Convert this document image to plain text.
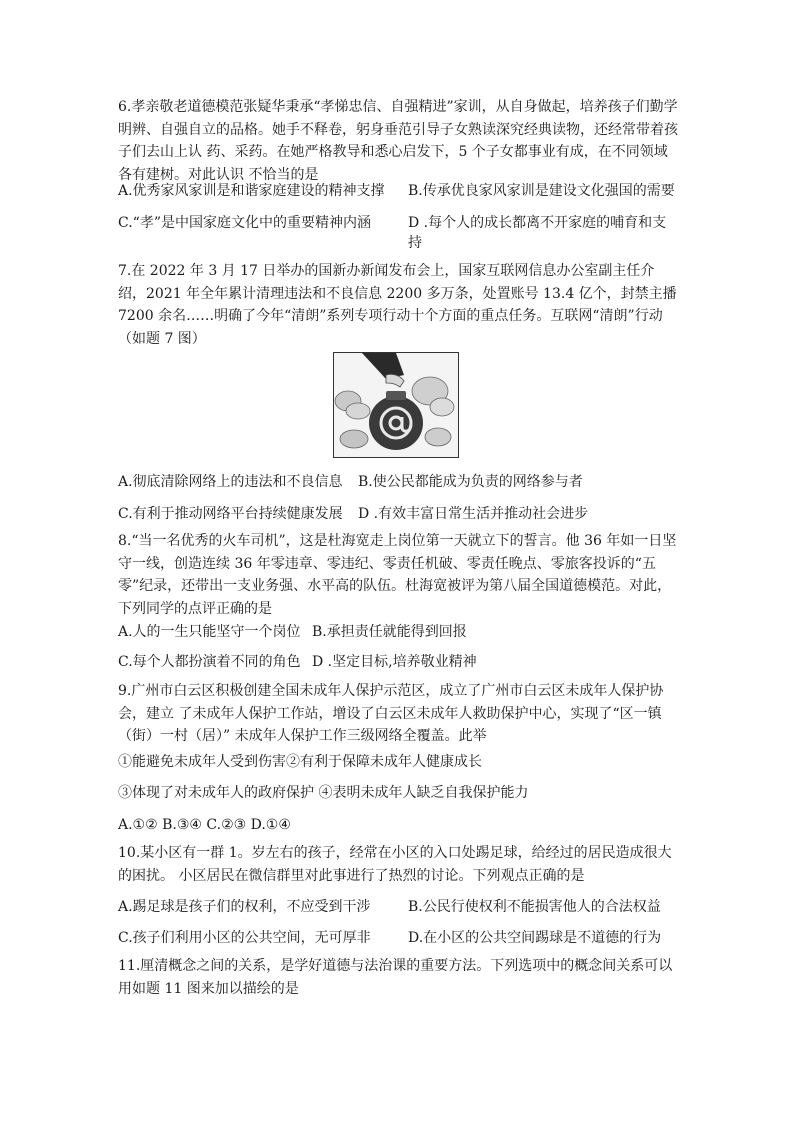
6.孝亲敬老道德模范张疑华秉承“孝悌忠信、自强精进”家训，从自身做起，培养孩子们勤学明辨、自强自立的品格。她手不释卷，躬身垂范引导子女熟读深究经典读物，还经常带着孩子们去山上认 药、采药。在她严格教导和悉心启发下，5 个子女都事业有成，在不同领域各有建树。对此认识 不恰当的是
A.优秀家风家训是和谐家庭建设的精神支撑 B.传承优良家风家训是建设文化强国的需要
C.“孝”是中国家庭文化中的重要精神内涵	D .每个人的成长都离不开家庭的哺育和支持
7.在 2022 年 3 月 17 日举办的国新办新闻发布会上，国家互联网信息办公室副主任介绍，2021 年全年累计清理违法和不良信息 2200 多万条，处置账号 13.4 亿个，封禁主播 7200 余名……明确了今年“清朗”系列专项行动十个方面的重点任务。互联网“清朗”行动（如题 7 图）
A.彻底清除网络上的违法和不良信息 B.使公民都能成为负责的网络参与者
C.有利于推动网络平台持续健康发展 D .有效丰富日常生活并推动社会进步
8.“当一名优秀的火车司机”，这是杜海宽走上岗位第一天就立下的誓言。他 36 年如一日坚守一线，创造连续 36 年零违章、零违纪、零责任机破、零责任晚点、零旅客投诉的“五零”纪录，还带出一支业务强、水平高的队伍。杜海宽被评为第八届全国道德模范。对此，下列同学的点评正确的是
A.人的一生只能坚守一个岗位 B.承担责任就能得到回报
C.每个人都扮演着不同的角色 D .坚定目标,培养敬业精神
9.广州市白云区积极创建全国未成年人保护示范区，成立了广州市白云区未成年人保护协会，建立 了未成年人保护工作站，增设了白云区未成年人救助保护中心，实现了“区一镇（街）一村（居）” 未成年人保护工作三级网络全覆盖。此举
①能避免未成年人受到伤害②有利于保障未成年人健康成长
③体现了对未成年人的政府保护 ④表明未成年人缺乏自我保护能力
A.①② B.③④ C.②③ D.①④
10.某小区有一群 1。岁左右的孩子，经常在小区的入口处踢足球，给经过的居民造成很大的困扰。 小区居民在微信群里对此事进行了热烈的讨论。下列观点正确的是
A.踢足球是孩子们的权利，不应受到干涉	B.公民行使权利不能损害他人的合法权益
C.孩子们利用小区的公共空间，无可厚非	D.在小区的公共空间踢球是不道德的行为
11.厘清概念之间的关系，是学好道德与法治课的重要方法。下列选项中的概念间关系可以用如题 11 图来加以描绘的是
